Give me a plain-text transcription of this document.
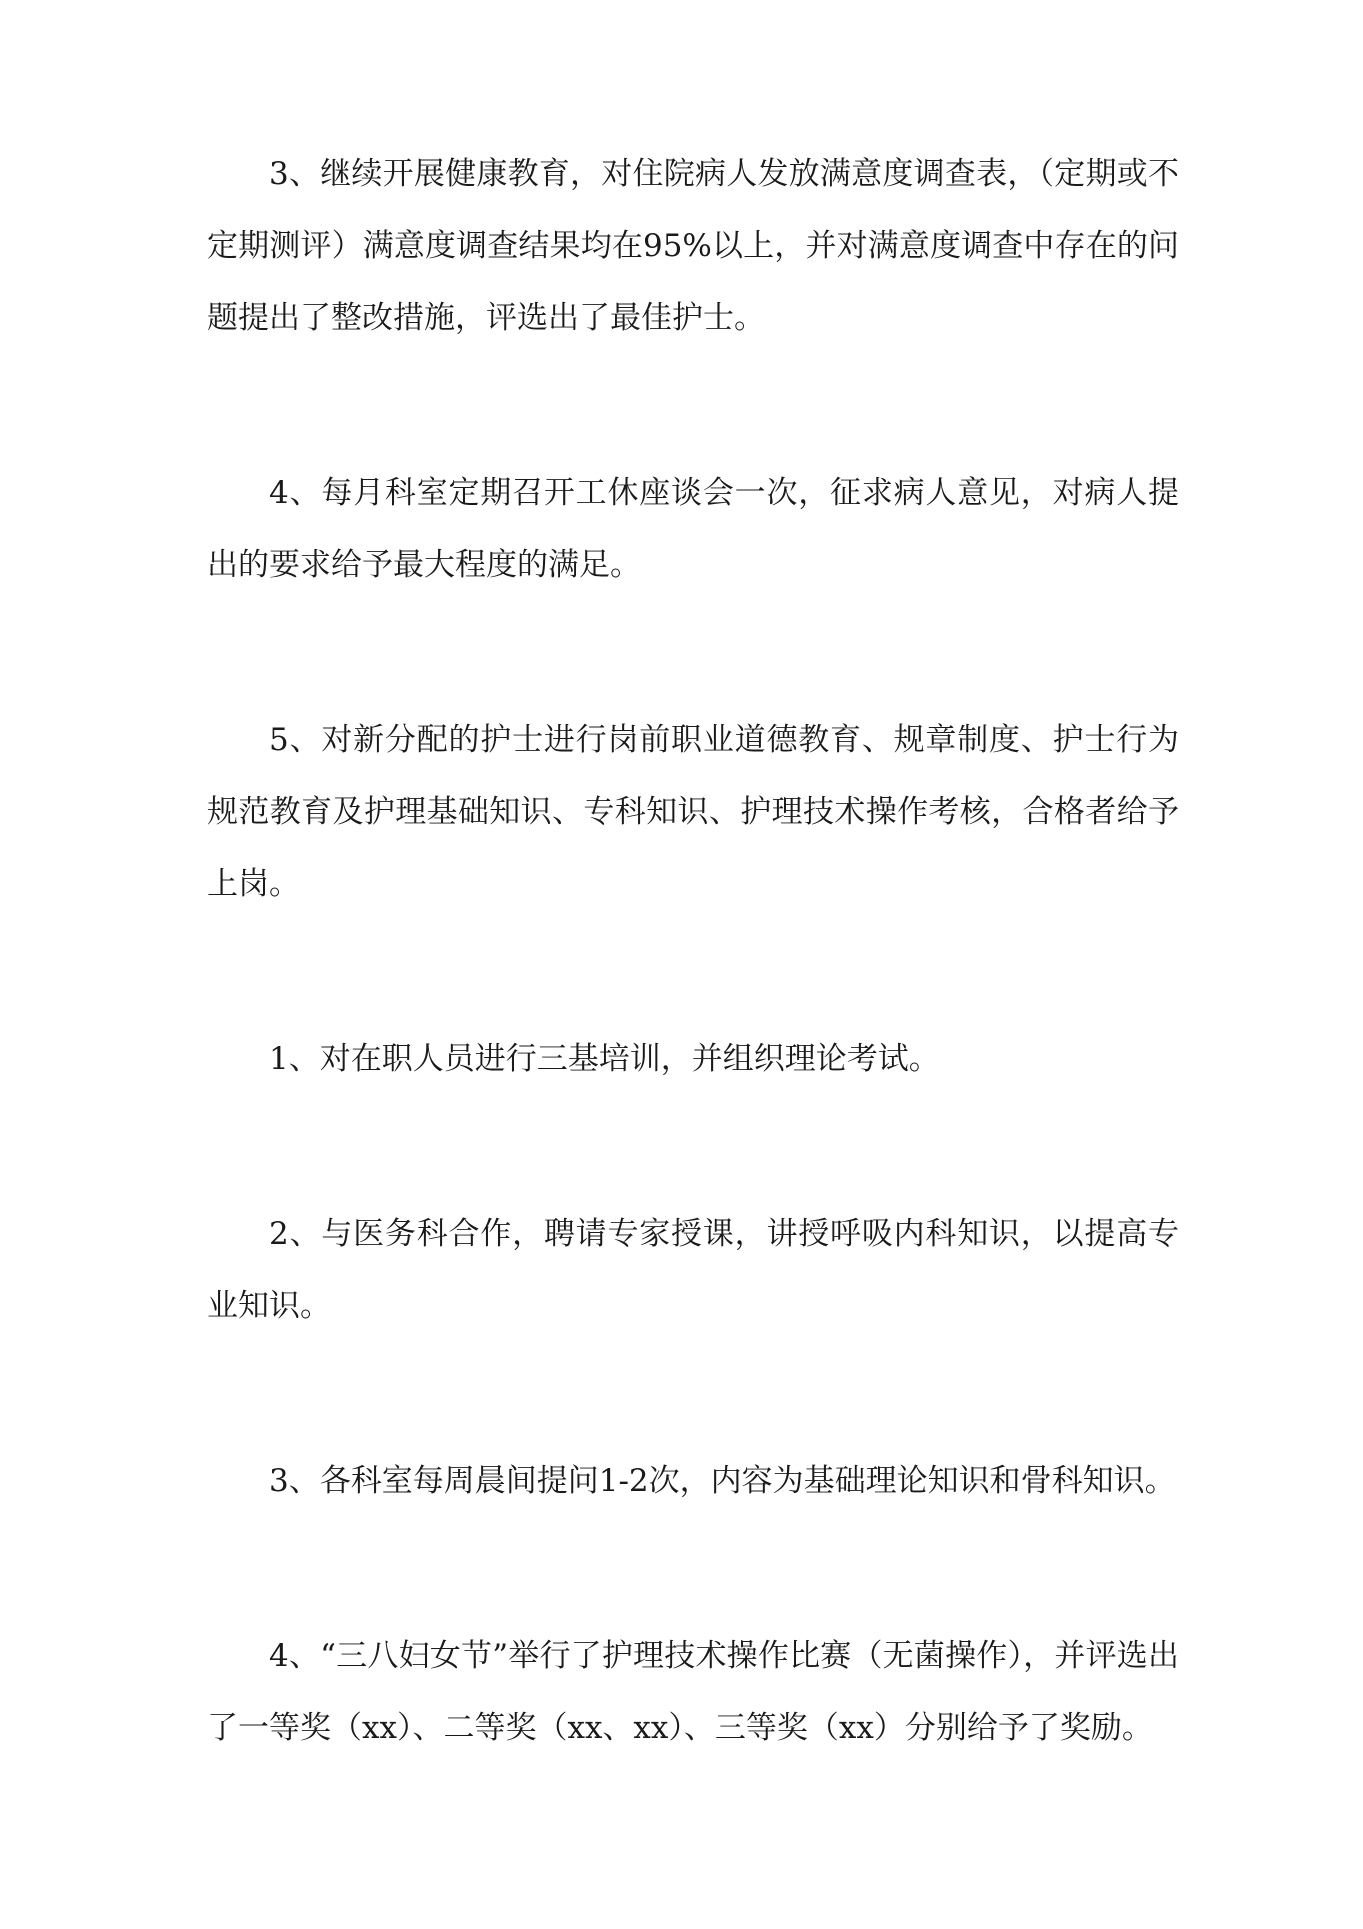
3、继续开展健康教育，对住院病人发放满意度调查表，（定期或不定期测评）满意度调查结果均在95%以上，并对满意度调查中存在的问题提出了整改措施，评选出了最佳护士。

4、每月科室定期召开工休座谈会一次，征求病人意见，对病人提出的要求给予最大程度的满足。

5、对新分配的护士进行岗前职业道德教育、规章制度、护士行为规范教育及护理基础知识、专科知识、护理技术操作考核，合格者给予上岗。

1、对在职人员进行三基培训，并组织理论考试。

2、与医务科合作，聘请专家授课，讲授呼吸内科知识，以提高专业知识。

3、各科室每周晨间提问1-2次，内容为基础理论知识和骨科知识。

4、“三八妇女节”举行了护理技术操作比赛（无菌操作），并评选出了一等奖（xx）、二等奖（xx、xx）、三等奖（xx）分别给予了奖励。
